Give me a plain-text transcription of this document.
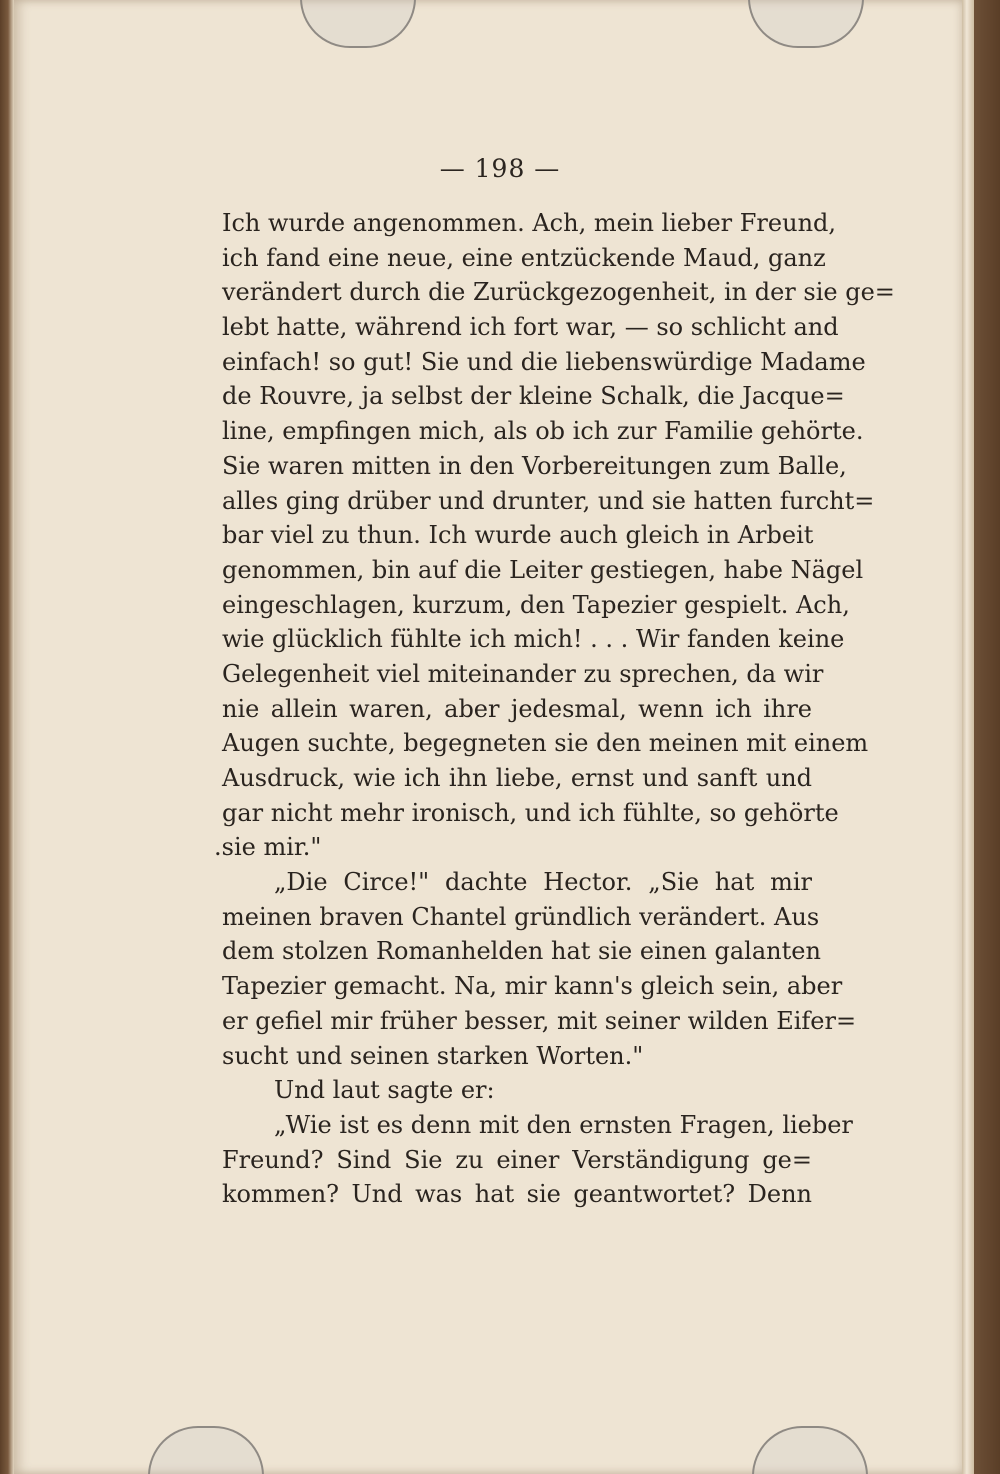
— 198 —
Ich wurde angenommen. Ach, mein lieber Freund,
ich fand eine neue, eine entzückende Maud, ganz
verändert durch die Zurückgezogenheit, in der sie ge=
lebt hatte, während ich fort war, — so schlicht and
einfach! so gut! Sie und die liebenswürdige Madame
de Rouvre, ja selbst der kleine Schalk, die Jacque=
line, empfingen mich, als ob ich zur Familie gehörte.
Sie waren mitten in den Vorbereitungen zum Balle,
alles ging drüber und drunter, und sie hatten furcht=
bar viel zu thun. Ich wurde auch gleich in Arbeit
genommen, bin auf die Leiter gestiegen, habe Nägel
eingeschlagen, kurzum, den Tapezier gespielt. Ach,
wie glücklich fühlte ich mich! . . . Wir fanden keine
Gelegenheit viel miteinander zu sprechen, da wir
nie allein waren, aber jedesmal, wenn ich ihre
Augen suchte, begegneten sie den meinen mit einem
Ausdruck, wie ich ihn liebe, ernst und sanft und
gar nicht mehr ironisch, und ich fühlte, so gehörte
.sie mir."
„Die Circe!" dachte Hector. „Sie hat mir
meinen braven Chantel gründlich verändert. Aus
dem stolzen Romanhelden hat sie einen galanten
Tapezier gemacht. Na, mir kann's gleich sein, aber
er gefiel mir früher besser, mit seiner wilden Eifer=
sucht und seinen starken Worten."
Und laut sagte er:
„Wie ist es denn mit den ernsten Fragen, lieber
Freund? Sind Sie zu einer Verständigung ge=
kommen? Und was hat sie geantwortet? Denn
